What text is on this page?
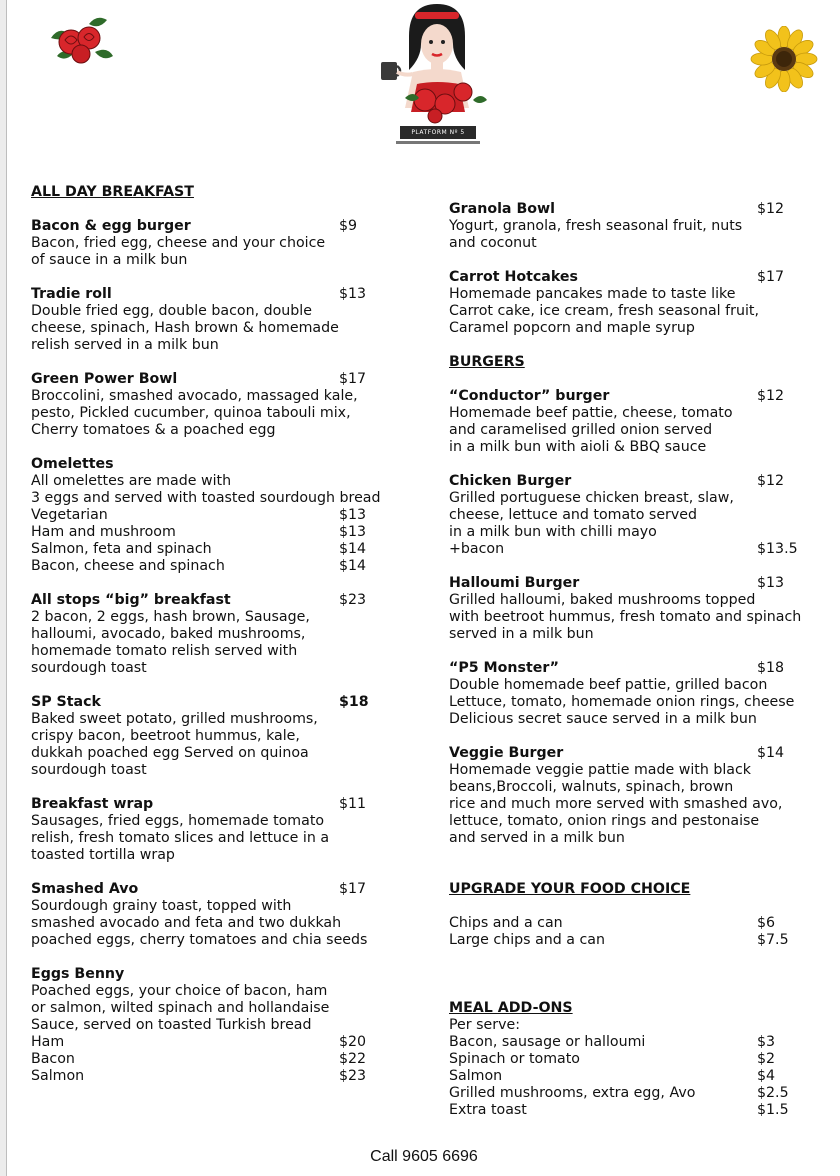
PLATFORM Nº 5
ALL DAY BREAKFAST
Bacon & egg burger	$9
Bacon, fried egg, cheese and your choice
of sauce in a milk bun
Tradie roll	$13
Double fried egg, double bacon, double
cheese, spinach, Hash brown & homemade
relish served in a milk bun
Green Power Bowl	$17
Broccolini, smashed avocado, massaged kale,
pesto, Pickled cucumber, quinoa tabouli mix,
Cherry tomatoes & a poached egg
Omelettes
All omelettes are made with
3 eggs and served with toasted sourdough bread
Vegetarian	$13
Ham and mushroom	$13
Salmon, feta and spinach	$14
Bacon, cheese and spinach	$14
All stops “big” breakfast	$23
2 bacon, 2 eggs, hash brown, Sausage,
halloumi, avocado, baked mushrooms,
homemade tomato relish served with
sourdough toast
SP Stack	$18
Baked sweet potato, grilled mushrooms,
crispy bacon, beetroot hummus, kale,
dukkah poached egg Served on quinoa
sourdough toast
Breakfast wrap	$11
Sausages, fried eggs, homemade tomato
relish, fresh tomato slices and lettuce in a
toasted tortilla wrap
Smashed Avo	$17
Sourdough grainy toast, topped with
smashed avocado and feta and two dukkah
poached eggs, cherry tomatoes and chia seeds
Eggs Benny
Poached eggs, your choice of bacon, ham
or salmon, wilted spinach and hollandaise
Sauce, served on toasted Turkish bread
Ham	$20
Bacon	$22
Salmon	$23
Granola Bowl	$12
Yogurt, granola, fresh seasonal fruit, nuts
and coconut
Carrot Hotcakes	$17
Homemade pancakes made to taste like
Carrot cake, ice cream, fresh seasonal fruit,
Caramel popcorn and maple syrup
BURGERS
“Conductor” burger	$12
Homemade beef pattie, cheese, tomato
and caramelised grilled onion served
in a milk bun with aioli & BBQ sauce
Chicken Burger	$12
Grilled portuguese chicken breast, slaw,
cheese, lettuce and tomato served
in a milk bun with chilli mayo
+bacon	$13.5
Halloumi Burger	$13
Grilled halloumi, baked mushrooms topped
with beetroot hummus, fresh tomato and spinach
served in a milk bun
“P5 Monster”	$18
Double homemade beef pattie, grilled bacon
Lettuce, tomato, homemade onion rings, cheese
Delicious secret sauce served in a milk bun
Veggie Burger	$14
Homemade veggie pattie made with black
beans,Broccoli, walnuts, spinach, brown
rice and much more served with smashed avo,
lettuce, tomato, onion rings and pestonaise
and served in a milk bun
UPGRADE YOUR FOOD CHOICE
Chips and a can	$6
Large chips and a can	$7.5
MEAL ADD-ONS
Per serve:
Bacon, sausage or halloumi	$3
Spinach or tomato	$2
Salmon	$4
Grilled mushrooms, extra egg, Avo	$2.5
Extra toast	$1.5
Call 9605 6696
